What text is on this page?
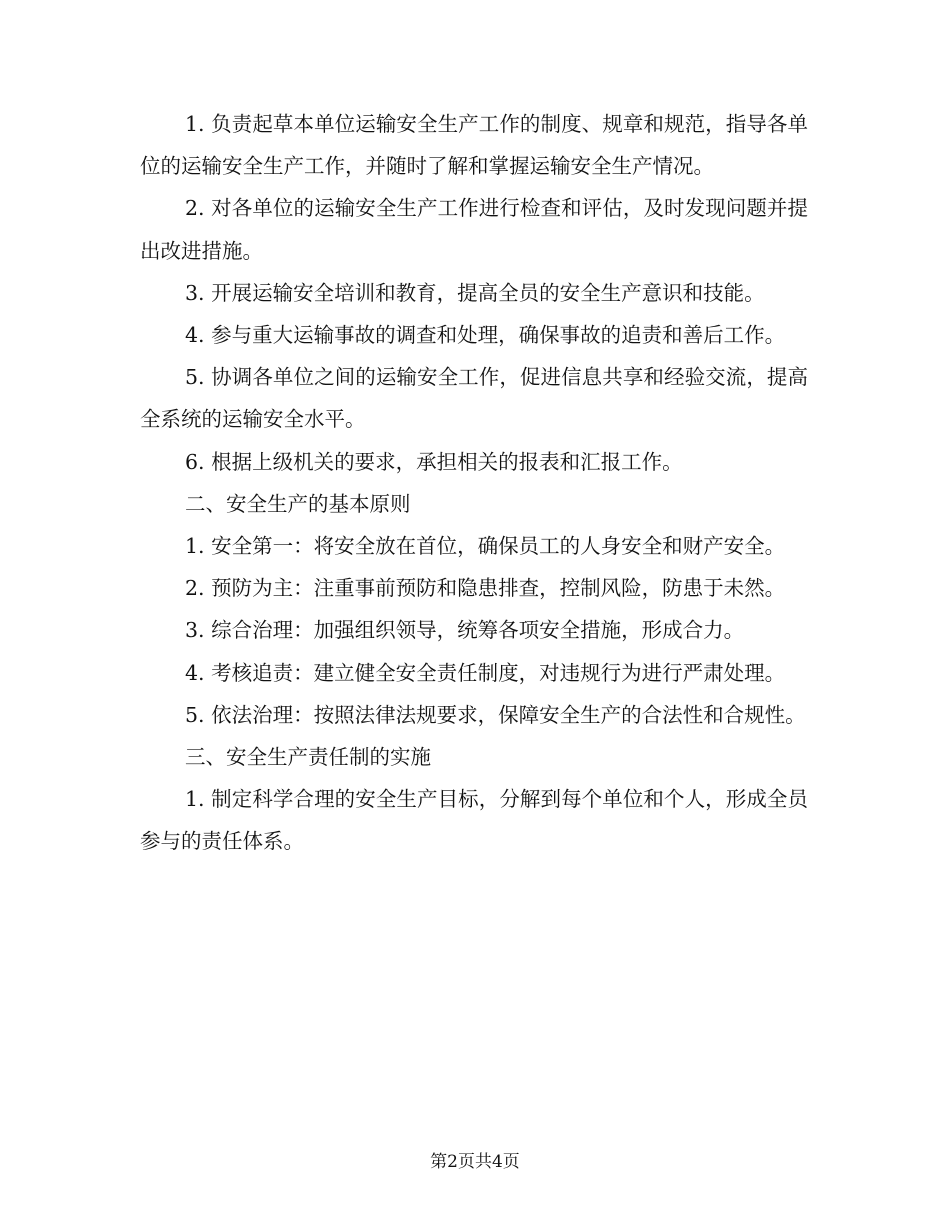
1. 负责起草本单位运输安全生产工作的制度、规章和规范，指导各单位的运输安全生产工作，并随时了解和掌握运输安全生产情况。

2. 对各单位的运输安全生产工作进行检查和评估，及时发现问题并提出改进措施。

3. 开展运输安全培训和教育，提高全员的安全生产意识和技能。

4. 参与重大运输事故的调查和处理，确保事故的追责和善后工作。

5. 协调各单位之间的运输安全工作，促进信息共享和经验交流，提高全系统的运输安全水平。

6. 根据上级机关的要求，承担相关的报表和汇报工作。

二、安全生产的基本原则

1. 安全第一：将安全放在首位，确保员工的人身安全和财产安全。

2. 预防为主：注重事前预防和隐患排查，控制风险，防患于未然。

3. 综合治理：加强组织领导，统筹各项安全措施，形成合力。

4. 考核追责：建立健全安全责任制度，对违规行为进行严肃处理。

5. 依法治理：按照法律法规要求，保障安全生产的合法性和合规性。

三、安全生产责任制的实施

1. 制定科学合理的安全生产目标，分解到每个单位和个人，形成全员参与的责任体系。

第2页共4页
